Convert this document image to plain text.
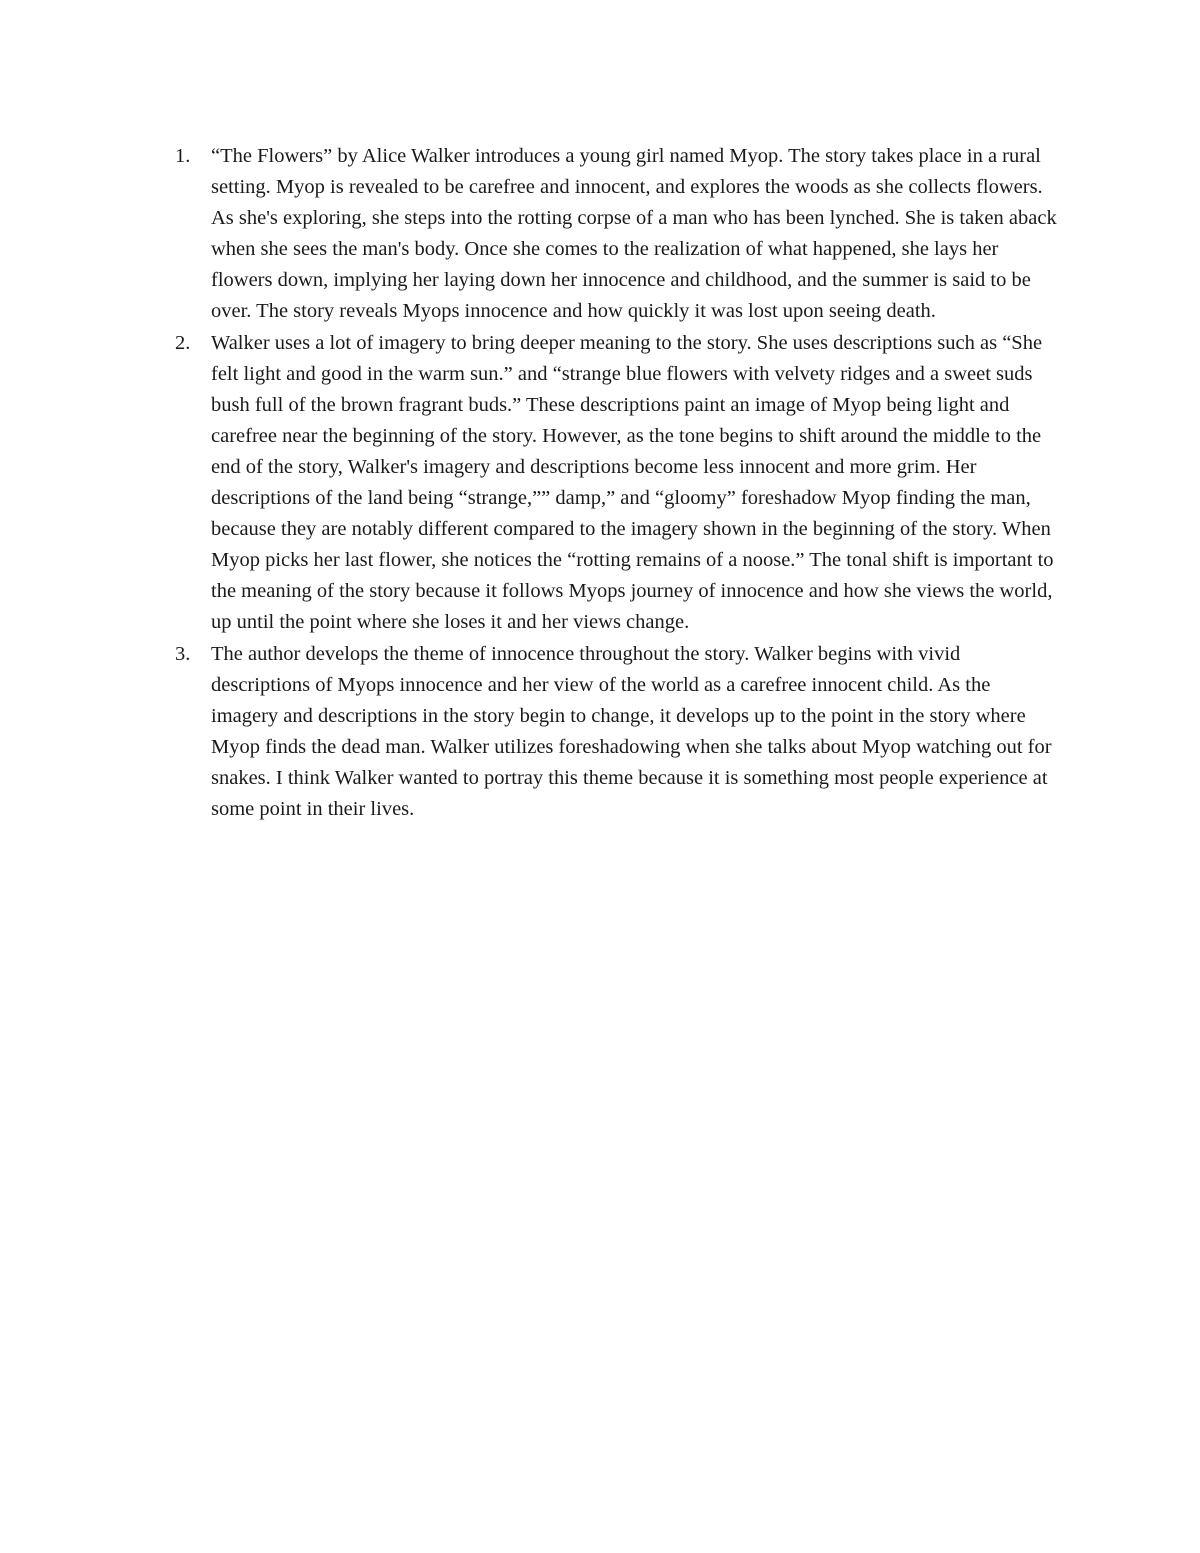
1.	“The Flowers” by Alice Walker introduces a young girl named Myop. The story takes place in a rural setting. Myop is revealed to be carefree and innocent, and explores the woods as she collects flowers. As she's exploring, she steps into the rotting corpse of a man who has been lynched. She is taken aback when she sees the man's body. Once she comes to the realization of what happened, she lays her flowers down, implying her laying down her innocence and childhood, and the summer is said to be over. The story reveals Myops innocence and how quickly it was lost upon seeing death.
2.	Walker uses a lot of imagery to bring deeper meaning to the story. She uses descriptions such as “She felt light and good in the warm sun.” and “strange blue flowers with velvety ridges and a sweet suds bush full of the brown fragrant buds.” These descriptions paint an image of Myop being light and carefree near the beginning of the story. However, as the tone begins to shift around the middle to the end of the story, Walker's imagery and descriptions become less innocent and more grim. Her descriptions of the land being “strange,”” damp,” and “gloomy” foreshadow Myop finding the man, because they are notably different compared to the imagery shown in the beginning of the story. When Myop picks her last flower, she notices the “rotting remains of a noose.” The tonal shift is important to the meaning of the story because it follows Myops journey of innocence and how she views the world, up until the point where she loses it and her views change.
3.	The author develops the theme of innocence throughout the story. Walker begins with vivid descriptions of Myops innocence and her view of the world as a carefree innocent child. As the imagery and descriptions in the story begin to change, it develops up to the point in the story where Myop finds the dead man. Walker utilizes foreshadowing when she talks about Myop watching out for snakes. I think Walker wanted to portray this theme because it is something most people experience at some point in their lives.
